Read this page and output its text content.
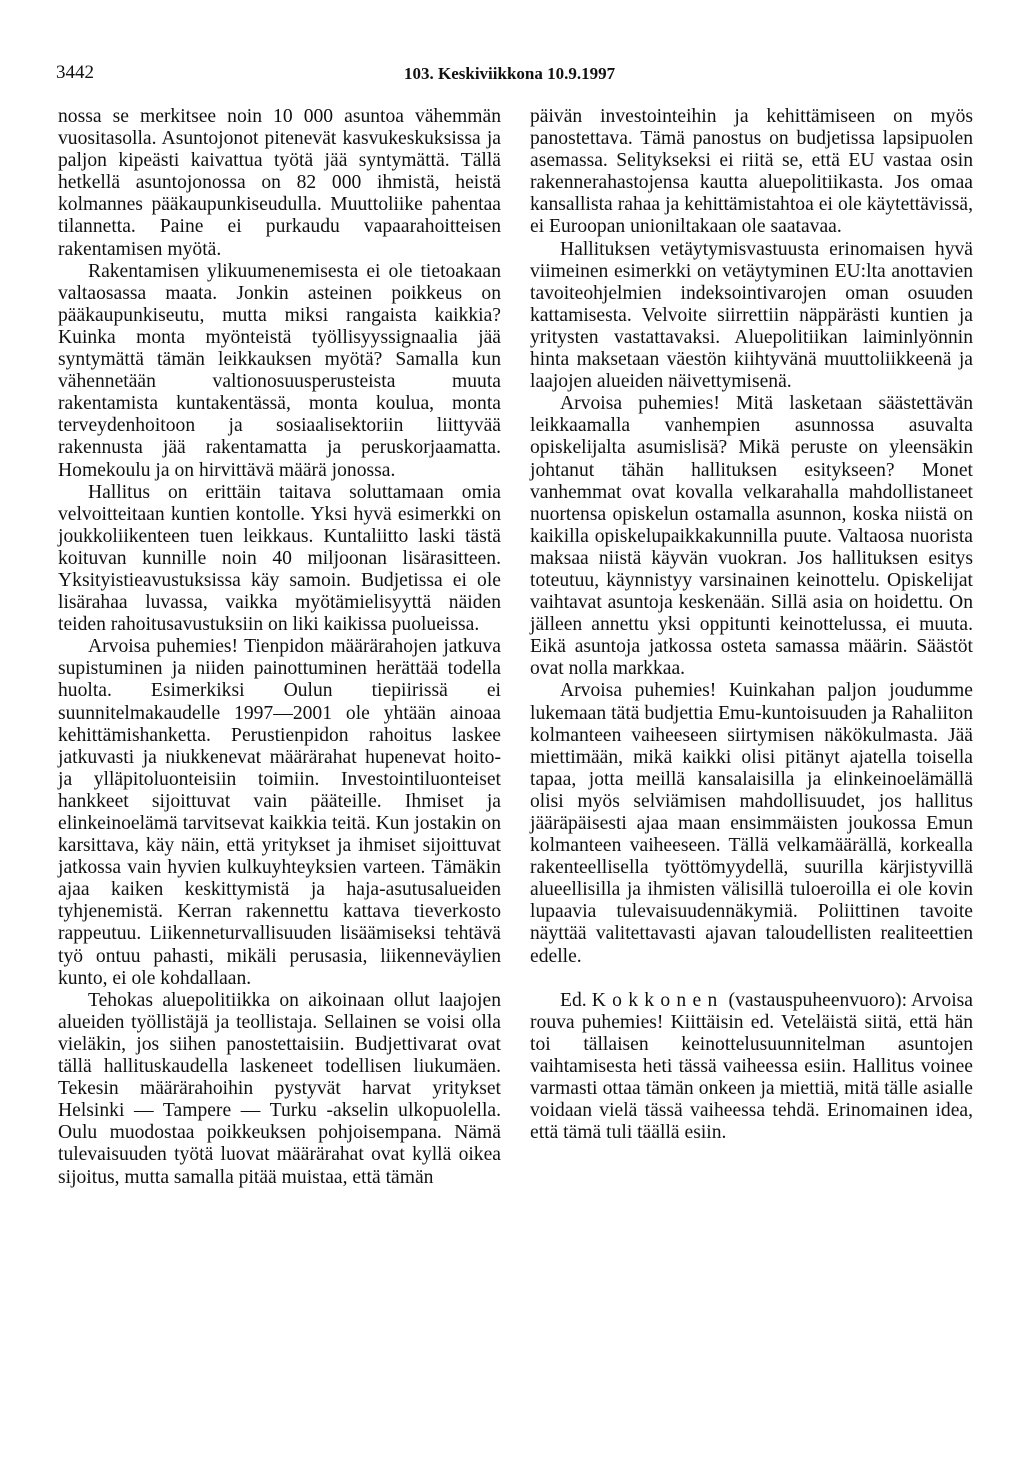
3442	103. Keskiviikkona 10.9.1997

nossa se merkitsee noin 10 000 asuntoa vähemmän vuositasolla. Asuntojonot pitenevät kasvukeskuksissa ja paljon kipeästi kaivattua työtä jää syntymättä. Tällä hetkellä asuntojonossa on 82 000 ihmistä, heistä kolmannes pääkaupunkiseudulla. Muuttoliike pahentaa tilannetta. Paine ei purkaudu vapaarahoitteisen rakentamisen myötä.

Rakentamisen ylikuumenemisesta ei ole tietoakaan valtaosassa maata. Jonkin asteinen poikkeus on pääkaupunkiseutu, mutta miksi rangaista kaikkia? Kuinka monta myönteistä työllisyyssignaalia jää syntymättä tämän leikkauksen myötä? Samalla kun vähennetään valtionosuusperusteista muuta rakentamista kuntakentässä, monta koulua, monta terveydenhoitoon ja sosiaalisektoriin liittyvää rakennusta jää rakentamatta ja peruskorjaamatta. Homekoulu ja on hirvittävä määrä jonossa.

Hallitus on erittäin taitava soluttamaan omia velvoitteitaan kuntien kontolle. Yksi hyvä esimerkki on joukkoliikenteen tuen leikkaus. Kuntaliitto laski tästä koituvan kunnille noin 40 miljoonan lisärasitteen. Yksityistieavustuksissa käy samoin. Budjetissa ei ole lisärahaa luvassa, vaikka myötämielisyyttä näiden teiden rahoitusavustuksiin on liki kaikissa puolueissa.

Arvoisa puhemies! Tienpidon määrärahojen jatkuva supistuminen ja niiden painottuminen herättää todella huolta. Esimerkiksi Oulun tiepiirissä ei suunnitelmakaudelle 1997—2001 ole yhtään ainoaa kehittämishanketta. Perustienpidon rahoitus laskee jatkuvasti ja niukkenevat määrärahat hupenevat hoito- ja ylläpitoluonteisiin toimiin. Investointiluonteiset hankkeet sijoittuvat vain pääteille. Ihmiset ja elinkeinoelämä tarvitsevat kaikkia teitä. Kun jostakin on karsittava, käy näin, että yritykset ja ihmiset sijoittuvat jatkossa vain hyvien kulkuyhteyksien varteen. Tämäkin ajaa kaiken keskittymistä ja haja-asutusalueiden tyhjenemistä. Kerran rakennettu kattava tieverkosto rappeutuu. Liikenneturvallisuuden lisäämiseksi tehtävä työ ontuu pahasti, mikäli perusasia, liikenneväylien kunto, ei ole kohdallaan.

Tehokas aluepolitiikka on aikoinaan ollut laajojen alueiden työllistäjä ja teollistaja. Sellainen se voisi olla vieläkin, jos siihen panostettaisiin. Budjettivarat ovat tällä hallituskaudella laskeneet todellisen liukumäen. Tekesin määrärahoihin pystyvät harvat yritykset Helsinki — Tampere — Turku -akselin ulkopuolella. Oulu muodostaa poikkeuksen pohjoisempana. Nämä tulevaisuuden työtä luovat määrärahat ovat kyllä oikea sijoitus, mutta samalla pitää muistaa, että tämän

päivän investointeihin ja kehittämiseen on myös panostettava. Tämä panostus on budjetissa lapsipuolen asemassa. Selitykseksi ei riitä se, että EU vastaa osin rakennerahastojensa kautta aluepolitiikasta. Jos omaa kansallista rahaa ja kehittämistahtoa ei ole käytettävissä, ei Euroopan unioniltakaan ole saatavaa.

Hallituksen vetäytymisvastuusta erinomaisen hyvä viimeinen esimerkki on vetäytyminen EU:lta anottavien tavoiteohjelmien indeksointivarojen oman osuuden kattamisesta. Velvoite siirrettiin näppärästi kuntien ja yritysten vastattavaksi. Aluepolitiikan laiminlyönnin hinta maksetaan väestön kiihtyvänä muuttoliikkeenä ja laajojen alueiden näivettymisenä.

Arvoisa puhemies! Mitä lasketaan säästettävän leikkaamalla vanhempien asunnossa asuvalta opiskelijalta asumislisä? Mikä peruste on yleensäkin johtanut tähän hallituksen esitykseen? Monet vanhemmat ovat kovalla velkarahalla mahdollistaneet nuortensa opiskelun ostamalla asunnon, koska niistä on kaikilla opiskelupaikkakunnilla puute. Valtaosa nuorista maksaa niistä käyvän vuokran. Jos hallituksen esitys toteutuu, käynnistyy varsinainen keinottelu. Opiskelijat vaihtavat asuntoja keskenään. Sillä asia on hoidettu. On jälleen annettu yksi oppitunti keinottelussa, ei muuta. Eikä asuntoja jatkossa osteta samassa määrin. Säästöt ovat nolla markkaa.

Arvoisa puhemies! Kuinkahan paljon joudumme lukemaan tätä budjettia Emu-kuntoisuuden ja Rahaliiton kolmanteen vaiheeseen siirtymisen näkökulmasta. Jää miettimään, mikä kaikki olisi pitänyt ajatella toisella tapaa, jotta meillä kansalaisilla ja elinkeinoelämällä olisi myös selviämisen mahdollisuudet, jos hallitus jääräpäisesti ajaa maan ensimmäisten joukossa Emun kolmanteen vaiheeseen. Tällä velkamäärällä, korkealla rakenteellisella työttömyydellä, suurilla kärjistyvillä alueellisilla ja ihmisten välisillä tuloeroilla ei ole kovin lupaavia tulevaisuudennäkymiä. Poliittinen tavoite näyttää valitettavasti ajavan taloudellisten realiteettien edelle.

Ed. Kokkonen (vastauspuheenvuoro): Arvoisa rouva puhemies! Kiittäisin ed. Veteläistä siitä, että hän toi tällaisen keinottelusuunnitelman asuntojen vaihtamisesta heti tässä vaiheessa esiin. Hallitus voinee varmasti ottaa tämän onkeen ja miettiä, mitä tälle asialle voidaan vielä tässä vaiheessa tehdä. Erinomainen idea, että tämä tuli täällä esiin.
